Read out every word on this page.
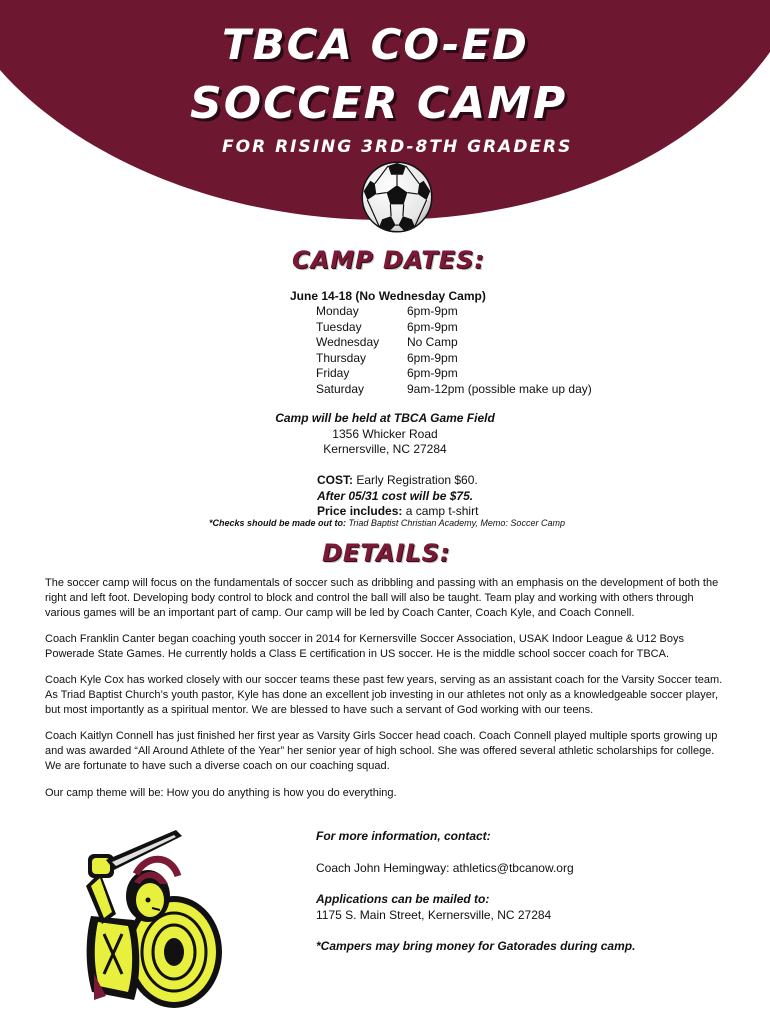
TBCA CO-ED
SOCCER CAMP
FOR RISING 3RD-8TH GRADERS
CAMP DATES:
June 14-18 (No Wednesday Camp)
Monday	6pm-9pm
Tuesday	6pm-9pm
Wednesday	No Camp
Thursday	6pm-9pm
Friday	6pm-9pm
Saturday	9am-12pm (possible make up day)
Camp will be held at TBCA Game Field
1356 Whicker Road
Kernersville, NC 27284
COST: Early Registration $60.
After 05/31 cost will be $75.
Price includes: a camp t-shirt
*Checks should be made out to: Triad Baptist Christian Academy, Memo: Soccer Camp
DETAILS:
The soccer camp will focus on the fundamentals of soccer such as dribbling and passing with an emphasis on the development of both the right and left foot. Developing body control to block and control the ball will also be taught. Team play and working with others through various games will be an important part of camp. Our camp will be led by Coach Canter, Coach Kyle, and Coach Connell.
Coach Franklin Canter began coaching youth soccer in 2014 for Kernersville Soccer Association, USAK Indoor League & U12 Boys Powerade State Games. He currently holds a Class E certification in US soccer. He is the middle school soccer coach for TBCA.
Coach Kyle Cox has worked closely with our soccer teams these past few years, serving as an assistant coach for the Varsity Soccer team. As Triad Baptist Church’s youth pastor, Kyle has done an excellent job investing in our athletes not only as a knowledgeable soccer player, but most importantly as a spiritual mentor. We are blessed to have such a servant of God working with our teens.
Coach Kaitlyn Connell has just finished her first year as Varsity Girls Soccer head coach. Coach Connell played multiple sports growing up and was awarded “All Around Athlete of the Year” her senior year of high school. She was offered several athletic scholarships for college. We are fortunate to have such a diverse coach on our coaching squad.
Our camp theme will be: How you do anything is how you do everything.
For more information, contact:
Coach John Hemingway: athletics@tbcanow.org
Applications can be mailed to:
1175 S. Main Street, Kernersville, NC 27284
*Campers may bring money for Gatorades during camp.
